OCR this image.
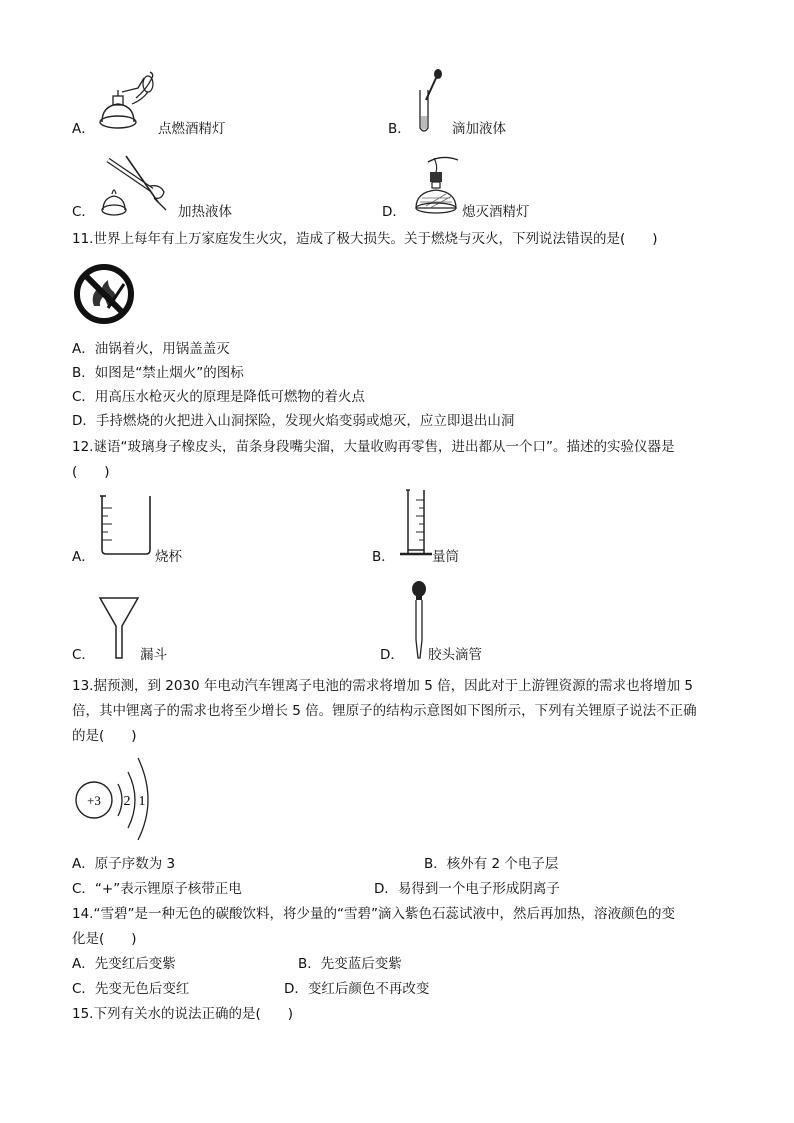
A．	点燃酒精灯	B．	滴加液体
C．	加热液体	D．	熄灭酒精灯
11.世界上每年有上万家庭发生火灾，造成了极大损失。关于燃烧与灭火，下列说法错误的是(　　)
A．油锅着火，用锅盖盖灭
B．如图是“禁止烟火”的图标
C．用高压水枪灭火的原理是降低可燃物的着火点
D．手持燃烧的火把进入山洞探险，发现火焰变弱或熄灭，应立即退出山洞
12.谜语“玻璃身子橡皮头，苗条身段嘴尖溜，大量收购再零售，进出都从一个口”。描述的实验仪器是
(　　)
A．	烧杯	B．	量筒
C．	漏斗	D． 胶头滴管
13.据预测，到 2030 年电动汽车锂离子电池的需求将增加 5 倍，因此对于上游锂资源的需求也将增加 5
倍，其中锂离子的需求也将至少增长 5 倍。锂原子的结构示意图如下图所示，下列有关锂原子说法不正确
的是(　　)
+3 2 1
A．原子序数为 3	B．核外有 2 个电子层
C．“+”表示锂原子核带正电	D．易得到一个电子形成阴离子
14.“雪碧”是一种无色的碳酸饮料，将少量的“雪碧”滴入紫色石蕊试液中，然后再加热，溶液颜色的变
化是(　　)
A．先变红后变紫	B．先变蓝后变紫
C．先变无色后变红	D．变红后颜色不再改变
15.下列有关水的说法正确的是(　　)
